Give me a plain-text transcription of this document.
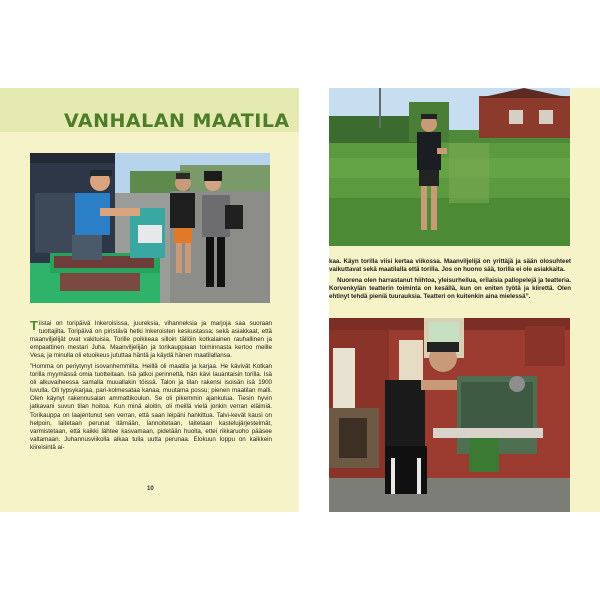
VANHALAN MAATILA

Tiistai on toripäivä Inkeroisissa, juureksia, vihanneksia ja marjoja saa suoraan tuottajilta. Toripäivä on piristävä hetki Inkeroisten keskustassa; sekä asiakkaat, että maanviljelijät ovat vakituisia. Torille poikkeaa silloin tällöin kotkalainen rauhallinen ja empaattinen mestari Juha. Maanviljelijän ja torikauppiaan toiminnasta kertoo meille Vesa, ja minulla oli etuoikeus jututtaa häntä ja käydä hänen maatilallansa.

”Homma on periytynyt isovanhemmilta. Heillä oli maatila ja karjaa. He kävivät Kotkan torilla myymässä omia tuotteitaan. Isä jatkoi perinnettä, hän kävi lauantaisin torilla. Isä oli alkuvaiheessa samalla muuallakin töissä. Talon ja tilan rakensi isoisän isä 1900 luvulla. Oli lypsykarjaa, pari-kolmesataa kanaa, muutama possu; pienen maatilan malli. Olen käynyt rakennusalan ammattikoulun. Se oli pikemmin ajankulua. Tiesin hyvin jatkavani suvun tilan hoitoa. Kun minä aloitin, oli meillä vielä jonkin verran eläimiä. Torikauppa on laajentunut sen verran, että saan leipäni hankittua. Talvi-kevät kausi on helpoin, laitetaan perunat itämään, lannoitetaan, laitetaan kastelujärjestelmät, varmistetaan, että kaikki lähtee kasvamaan, pidetään huolta, ettei rikkaruoho pääsee valtamaan. Juhannusviikolla alkaa tulla uutta perunaa. Elokuun loppu on kaikkein kiireisintä ai-

10

kaa. Käyn torilla viisi kertaa viikossa. Maanviljelijä on yrittäjä ja sään olosuhteet vaikuttavat sekä maatilalla että torilla. Jos on huono sää, torilla ei ole asiakkaita.

Nuorena olen harrastanut hiihtoa, yleisurheilua, erilaisia pallopelejä ja teatteria. Korvenkylän teatterin toiminta on kesällä, kun on eniten työtä ja kiirettä. Olen ehtinyt tehdä pieniä tuurauksia. Teatteri on kuitenkin aina mielessä”.
